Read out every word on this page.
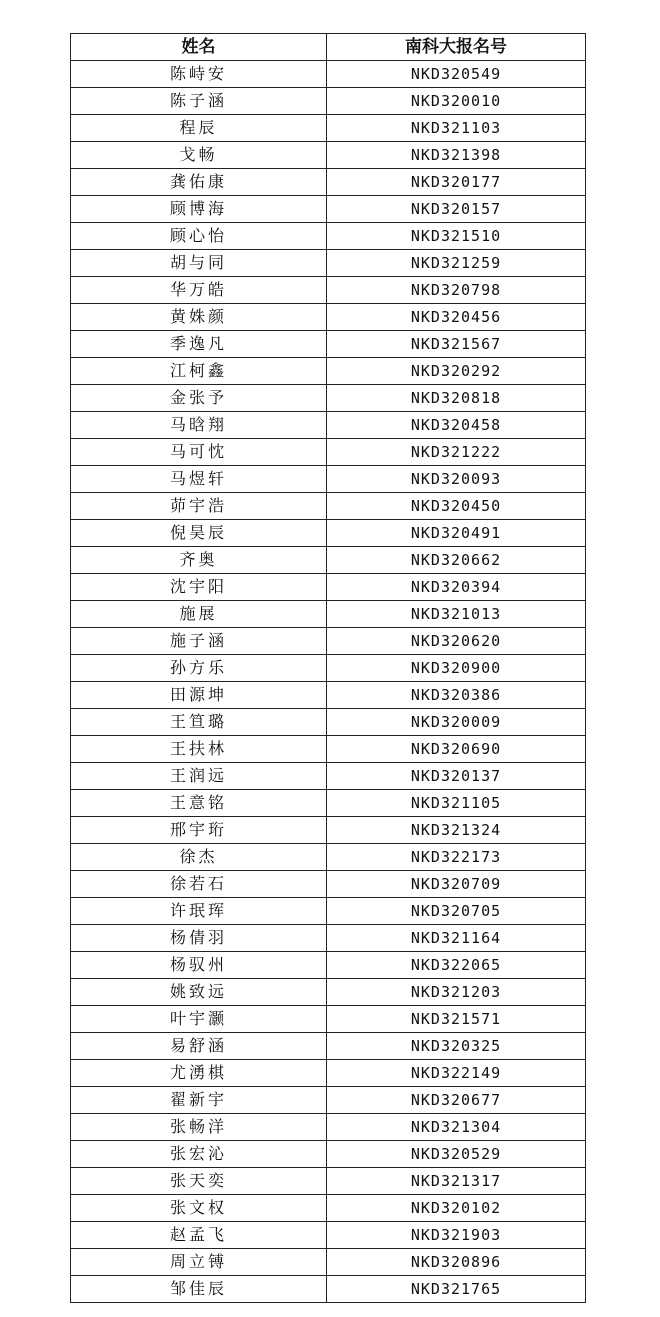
姓名	南科大报名号
陈峙安	NKD320549
陈子涵	NKD320010
程辰	NKD321103
戈畅	NKD321398
龚佑康	NKD320177
顾博海	NKD320157
顾心怡	NKD321510
胡与同	NKD321259
华万皓	NKD320798
黄姝颜	NKD320456
季逸凡	NKD321567
江柯鑫	NKD320292
金张予	NKD320818
马晗翔	NKD320458
马可忱	NKD321222
马煜轩	NKD320093
茆宇浩	NKD320450
倪昊辰	NKD320491
齐奥	NKD320662
沈宇阳	NKD320394
施展	NKD321013
施子涵	NKD320620
孙方乐	NKD320900
田源坤	NKD320386
王笪璐	NKD320009
王扶林	NKD320690
王润远	NKD320137
王意铭	NKD321105
邢宇珩	NKD321324
徐杰	NKD322173
徐若石	NKD320709
许珉珲	NKD320705
杨倩羽	NKD321164
杨驭州	NKD322065
姚致远	NKD321203
叶宇灏	NKD321571
易舒涵	NKD320325
尤湧棋	NKD322149
翟新宇	NKD320677
张畅洋	NKD321304
张宏沁	NKD320529
张天奕	NKD321317
张文权	NKD320102
赵孟飞	NKD321903
周立镈	NKD320896
邹佳辰	NKD321765
